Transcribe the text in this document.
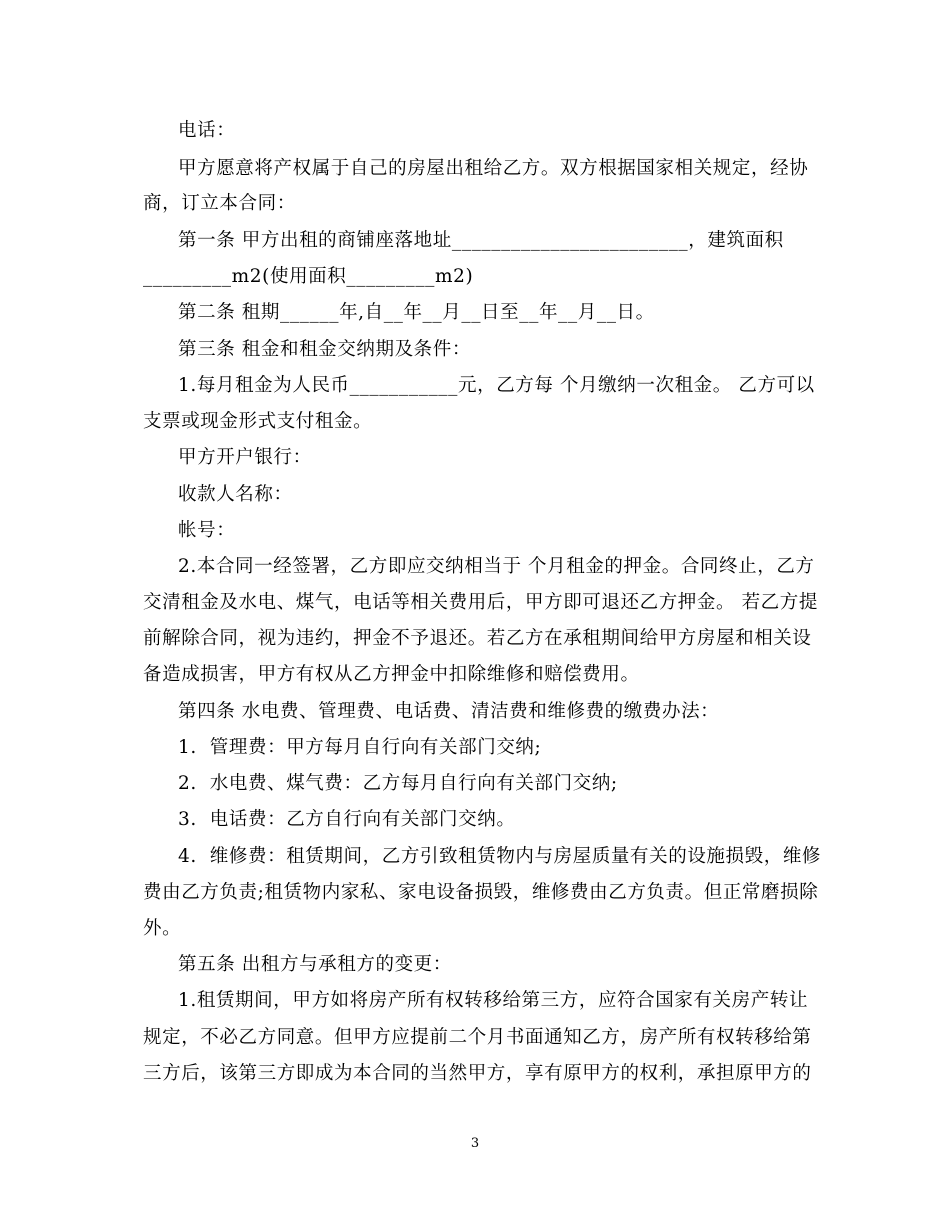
电话：
甲方愿意将产权属于自己的房屋出租给乙方。双方根据国家相关规定，经协
商，订立本合同：
第一条 甲方出租的商铺座落地址________________________，建筑面积
_________m2(使用面积_________m2)
第二条 租期______年,自__年__月__日至__年__月__日。
第三条 租金和租金交纳期及条件：
1.每月租金为人民币___________元，乙方每 个月缴纳一次租金。 乙方可以
支票或现金形式支付租金。
甲方开户银行：
收款人名称：
帐号：
2.本合同一经签署，乙方即应交纳相当于 个月租金的押金。合同终止，乙方
交清租金及水电、煤气，电话等相关费用后，甲方即可退还乙方押金。 若乙方提
前解除合同，视为违约，押金不予退还。若乙方在承租期间给甲方房屋和相关设
备造成损害，甲方有权从乙方押金中扣除维修和赔偿费用。
第四条 水电费、管理费、电话费、清洁费和维修费的缴费办法：
1.  管理费：甲方每月自行向有关部门交纳;
2.  水电费、煤气费：乙方每月自行向有关部门交纳;
3.  电话费：乙方自行向有关部门交纳。
4.  维修费：租赁期间，乙方引致租赁物内与房屋质量有关的设施损毁，维修
费由乙方负责;租赁物内家私、家电设备损毁，维修费由乙方负责。但正常磨损除
外。
第五条 出租方与承租方的变更：
1.租赁期间，甲方如将房产所有权转移给第三方，应符合国家有关房产转让
规定，不必乙方同意。但甲方应提前二个月书面通知乙方，房产所有权转移给第
三方后，该第三方即成为本合同的当然甲方，享有原甲方的权利，承担原甲方的
3
